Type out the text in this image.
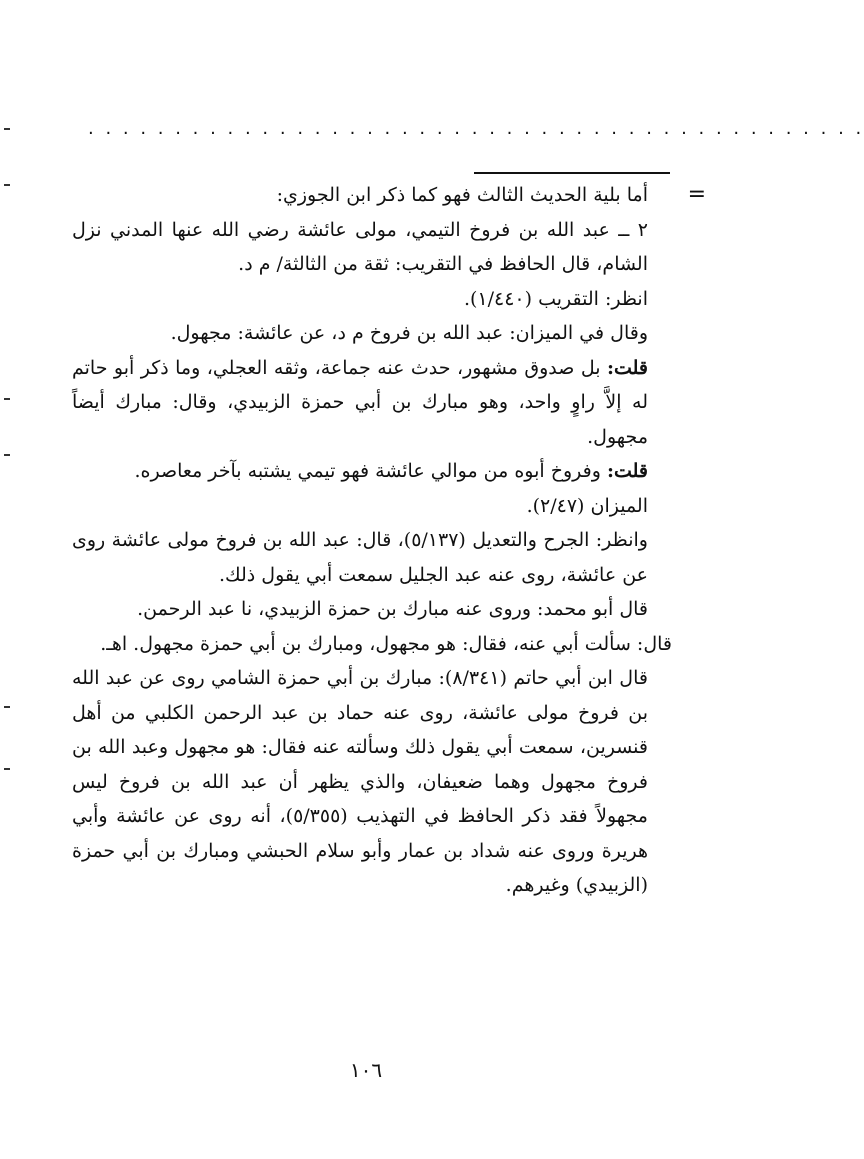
. . . . . . . . . . . . . . . . . . . . . . . . . . . . . . . . . . . . . . . . . . . . .
=

أما بلية الحديث الثالث فهو كما ذكر ابن الجوزي:

٢ ــ عبد الله بن فروخ التيمي، مولى عائشة رضي الله عنها المدني نزل الشام، قال الحافظ في التقريب: ثقة من الثالثة/ م د.

انظر: التقريب (١/٤٤٠).

وقال في الميزان: عبد الله بن فروخ م د، عن عائشة: مجهول.

قلت: بل صدوق مشهور، حدث عنه جماعة، وثقه العجلي، وما ذكر أبو حاتم له إلاَّ راوٍ واحد، وهو مبارك بن أبي حمزة الزبيدي، وقال: مبارك أيضاً مجهول.

قلت: وفروخ أبوه من موالي عائشة فهو تيمي يشتبه بآخر معاصره.

الميزان (٢/٤٧).

وانظر: الجرح والتعديل (٥/١٣٧)، قال: عبد الله بن فروخ مولى عائشة روى عن عائشة، روى عنه عبد الجليل سمعت أبي يقول ذلك.

قال أبو محمد: وروى عنه مبارك بن حمزة الزبيدي، نا عبد الرحمن.

قال: سألت أبي عنه، فقال: هو مجهول، ومبارك بن أبي حمزة مجهول. اهـ.

قال ابن أبي حاتم (٨/٣٤١): مبارك بن أبي حمزة الشامي روى عن عبد الله بن فروخ مولى عائشة، روى عنه حماد بن عبد الرحمن الكلبي من أهل قنسرين، سمعت أبي يقول ذلك وسألته عنه فقال: هو مجهول وعبد الله بن فروخ مجهول وهما ضعيفان، والذي يظهر أن عبد الله بن فروخ ليس مجهولاً فقد ذكر الحافظ في التهذيب (٥/٣٥٥)، أنه روى عن عائشة وأبي هريرة وروى عنه شداد بن عمار وأبو سلام الحبشي ومبارك بن أبي حمزة (الزبيدي) وغيرهم.

١٠٦
